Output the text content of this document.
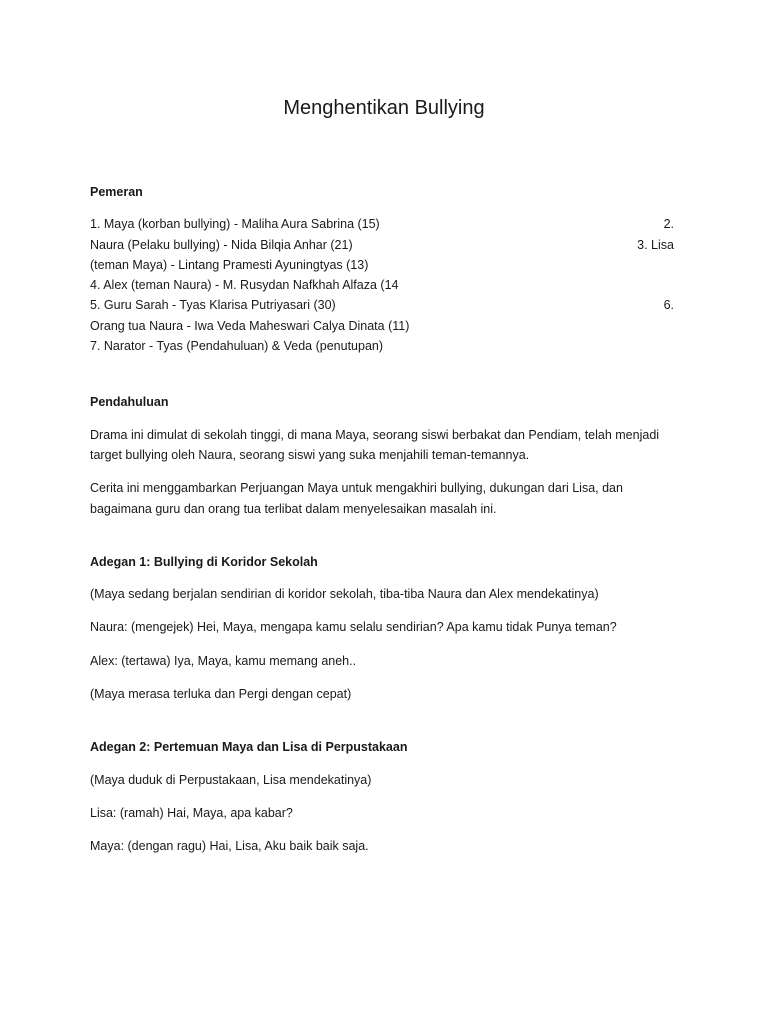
Menghentikan Bullying

Pemeran

1. Maya (korban bullying) - Maliha Aura Sabrina (15)	2.
Naura (Pelaku bullying) - Nida Bilqia Anhar (21)	3. Lisa
(teman Maya) - Lintang Pramesti Ayuningtyas (13)
4. Alex (teman Naura) - M. Rusydan Nafkhah Alfaza (14
5. Guru Sarah - Tyas Klarisa Putriyasari (30)	6.
Orang tua Naura - Iwa Veda Maheswari Calya Dinata (11)
7. Narator - Tyas (Pendahuluan) & Veda (penutupan)

Pendahuluan

Drama ini dimulat di sekolah tinggi, di mana Maya, seorang siswi berbakat dan Pendiam, telah menjadi
target bullying oleh Naura, seorang siswi yang suka menjahili teman-temannya.
Cerita ini menggambarkan Perjuangan Maya untuk mengakhiri bullying, dukungan dari Lisa, dan
bagaimana guru dan orang tua terlibat dalam menyelesaikan masalah ini.

Adegan 1: Bullying di Koridor Sekolah

(Maya sedang berjalan sendirian di koridor sekolah, tiba-tiba Naura dan Alex mendekatinya)

Naura: (mengejek) Hei, Maya, mengapa kamu selalu sendirian? Apa kamu tidak Punya teman?

Alex: (tertawa) Iya, Maya, kamu memang aneh..

(Maya merasa terluka dan Pergi dengan cepat)

Adegan 2: Pertemuan Maya dan Lisa di Perpustakaan

(Maya duduk di Perpustakaan, Lisa mendekatinya)

Lisa: (ramah) Hai, Maya, apa kabar?

Maya: (dengan ragu) Hai, Lisa, Aku baik baik saja.
